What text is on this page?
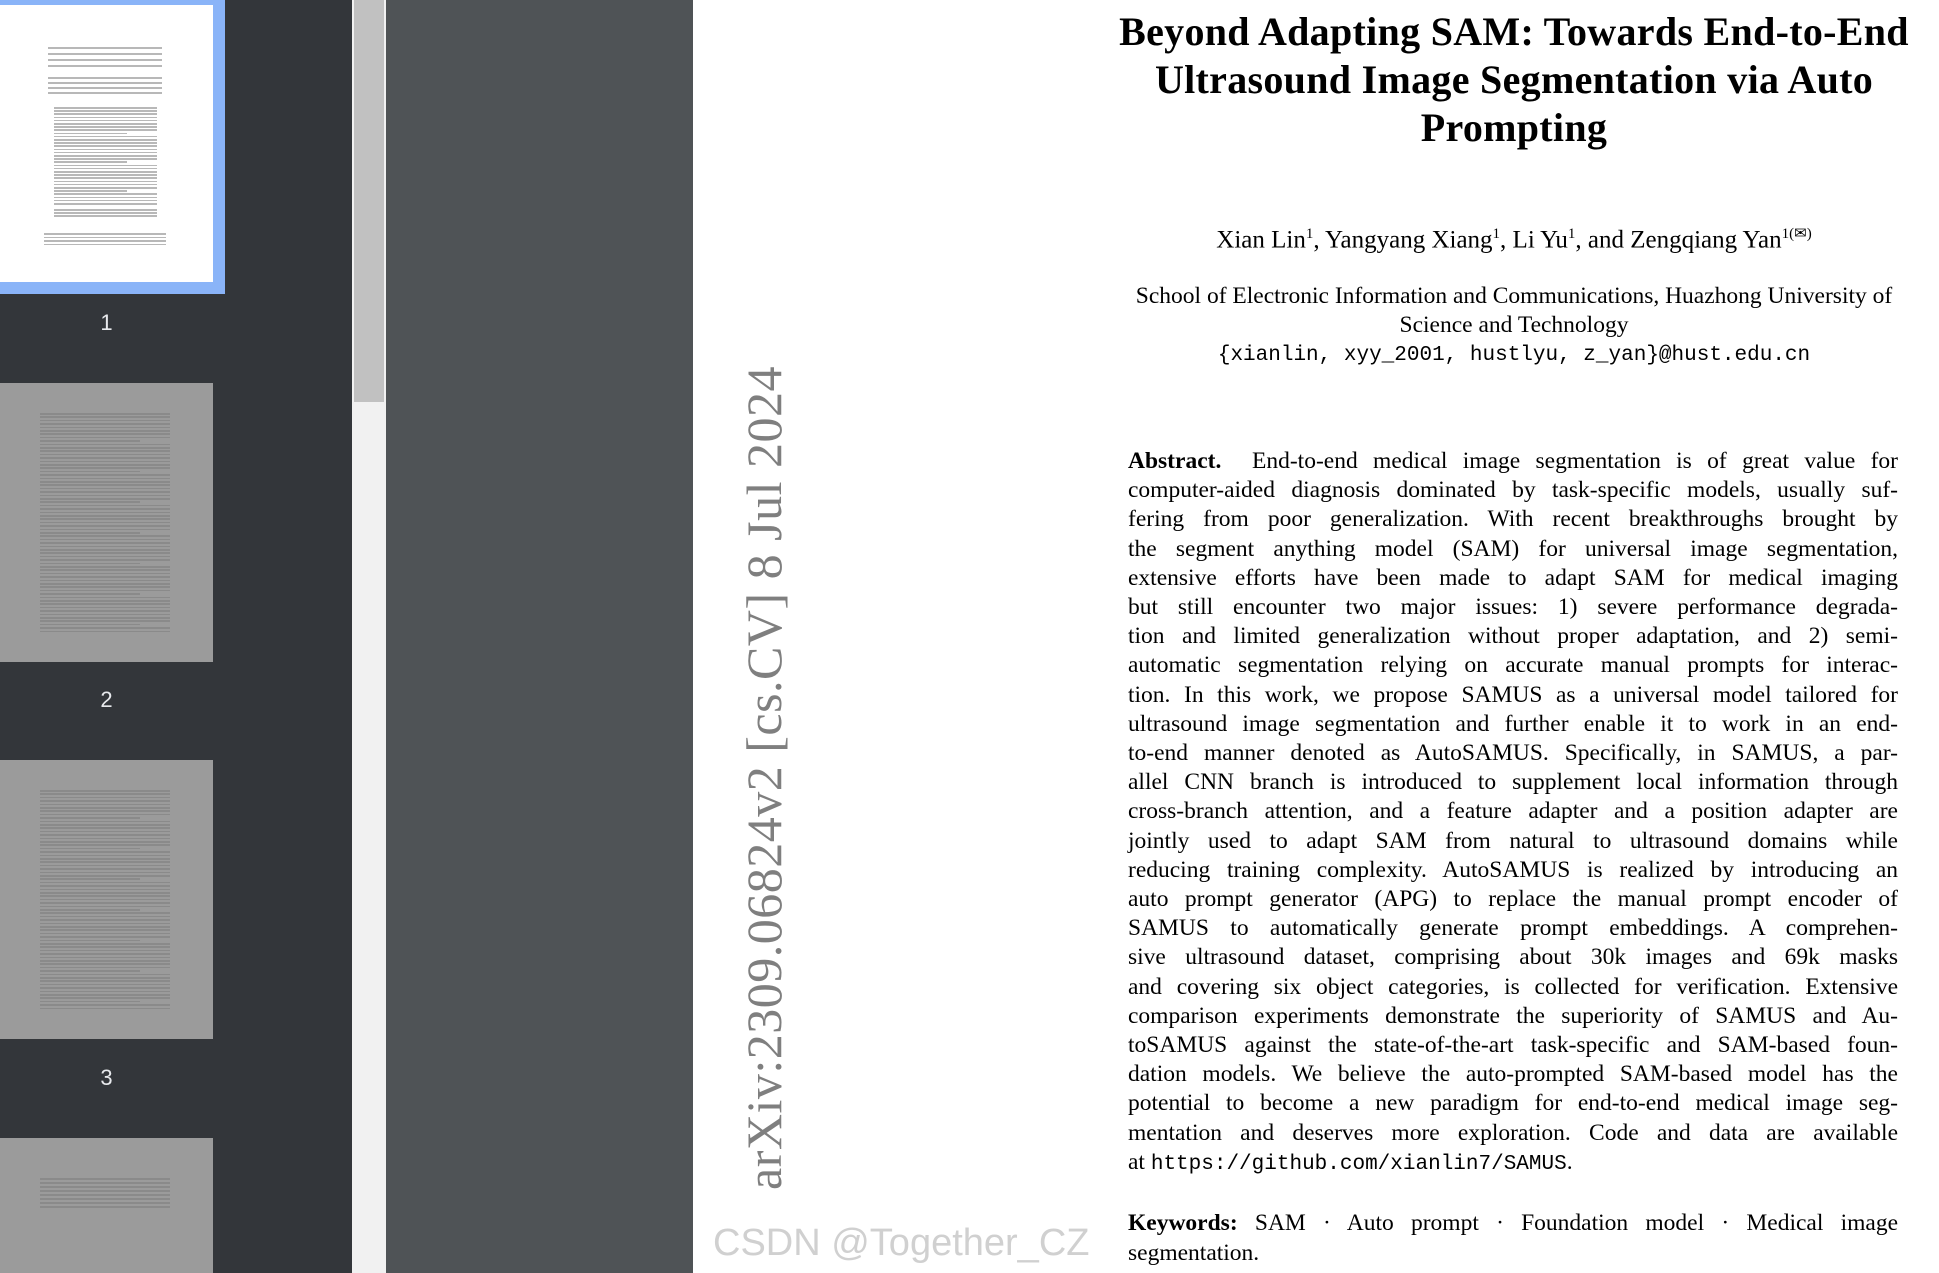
1
2
3	arXiv:2309.06824v2 [cs.CV] 8 Jul 2024
Beyond Adapting SAM: Towards End-to-End
Ultrasound Image Segmentation via Auto
Prompting
Xian Lin$^1$, Yangyang Xiang$^1$, Li Yu$^1$, and Zengqiang Yan$^{1(✉)}$
School of Electronic Information and Communications, Huazhong University of
Science and Technology
{xianlin, xyy_2001, hustlyu, z_yan}@hust.edu.cn
Abstract. End-to-end medical image segmentation is of great value for
computer-aided diagnosis dominated by task-specific models, usually suf-
fering from poor generalization. With recent breakthroughs brought by
the segment anything model (SAM) for universal image segmentation,
extensive efforts have been made to adapt SAM for medical imaging
but still encounter two major issues: 1) severe performance degrada-
tion and limited generalization without proper adaptation, and 2) semi-
automatic segmentation relying on accurate manual prompts for interac-
tion. In this work, we propose SAMUS as a universal model tailored for
ultrasound image segmentation and further enable it to work in an end-
to-end manner denoted as AutoSAMUS. Specifically, in SAMUS, a par-
allel CNN branch is introduced to supplement local information through
cross-branch attention, and a feature adapter and a position adapter are
jointly used to adapt SAM from natural to ultrasound domains while
reducing training complexity. AutoSAMUS is realized by introducing an
auto prompt generator (APG) to replace the manual prompt encoder of
SAMUS to automatically generate prompt embeddings. A comprehen-
sive ultrasound dataset, comprising about 30k images and 69k masks
and covering six object categories, is collected for verification. Extensive
comparison experiments demonstrate the superiority of SAMUS and Au-
toSAMUS against the state-of-the-art task-specific and SAM-based foun-
dation models. We believe the auto-prompted SAM-based model has the
potential to become a new paradigm for end-to-end medical image seg-
mentation and deserves more exploration. Code and data are available
at https://github.com/xianlin7/SAMUS.
Keywords: SAM · Auto prompt · Foundation model · Medical image
segmentation.
CSDN @Together_CZ
